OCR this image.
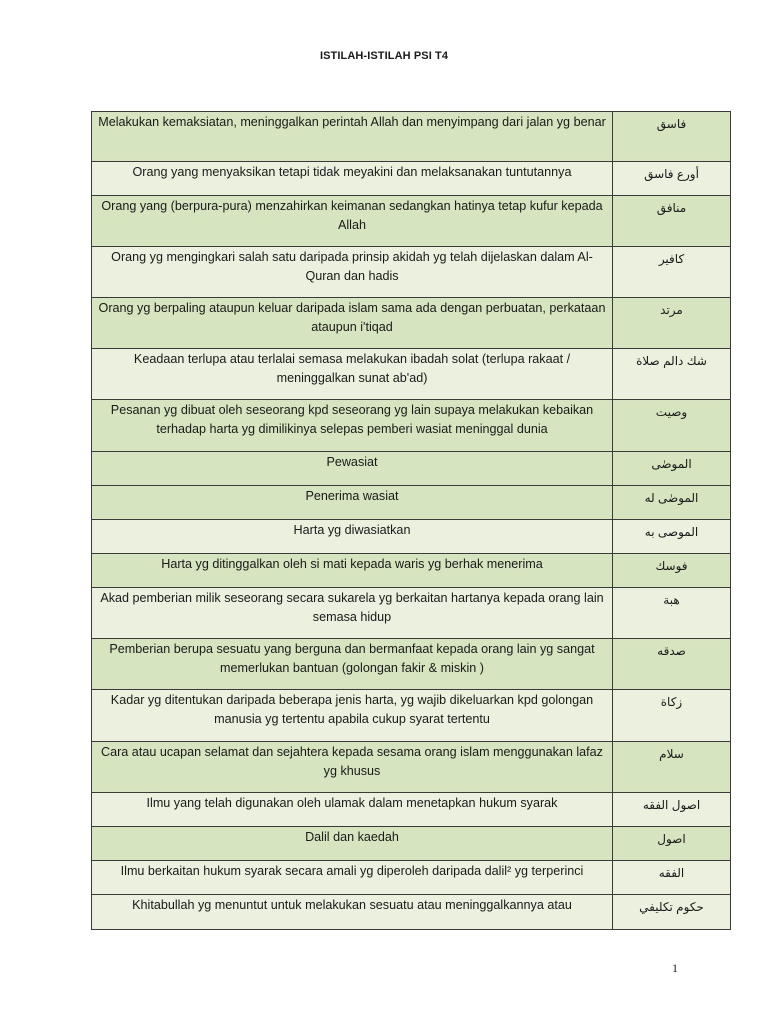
ISTILAH-ISTILAH PSI T4
Melakukan kemaksiatan, meninggalkan perintah Allah dan menyimpang dari jalan yg benar	فاسق
Orang yang menyaksikan tetapi tidak meyakini dan melaksanakan tuntutannya	أورع فاسق
Orang yang (berpura-pura) menzahirkan keimanan sedangkan hatinya tetap kufur kepada Allah	منافق
Orang yg mengingkari salah satu daripada prinsip akidah yg telah dijelaskan dalam Al-Quran dan hadis	كافير
Orang yg berpaling ataupun keluar daripada islam sama ada dengan perbuatan, perkataan ataupun i'tiqad	مرتد
Keadaan terlupa atau terlalai semasa melakukan ibadah solat (terlupa rakaat / meninggalkan sunat ab'ad)	شك دالم صلاة
Pesanan yg dibuat oleh seseorang kpd seseorang yg lain supaya melakukan kebaikan terhadap harta yg dimilikinya selepas pemberi wasiat meninggal dunia	وصيت
Pewasiat	الموصٰى
Penerima wasiat	الموصٰى له
Harta yg diwasiatkan	الموصى به
Harta yg ditinggalkan oleh si mati kepada waris yg berhak menerima	فوسك
Akad pemberian milik seseorang secara sukarela yg berkaitan hartanya kepada orang lain semasa hidup	هبة
Pemberian berupa sesuatu yang berguna dan bermanfaat kepada orang lain yg sangat memerlukan bantuan (golongan fakir & miskin )	صدقه
Kadar yg ditentukan daripada beberapa jenis harta, yg wajib dikeluarkan kpd golongan manusia yg tertentu apabila cukup syarat tertentu	زكاة
Cara atau ucapan selamat dan sejahtera kepada sesama orang islam menggunakan lafaz yg khusus	سلام
Ilmu yang telah digunakan oleh ulamak dalam menetapkan hukum syarak	اصول الفقه
Dalil dan kaedah	اصول
Ilmu berkaitan hukum syarak secara amali yg diperoleh daripada dalil² yg terperinci	الفقه
Khitabullah yg menuntut untuk melakukan sesuatu atau meninggalkannya atau	حكوم تكليفي
1
